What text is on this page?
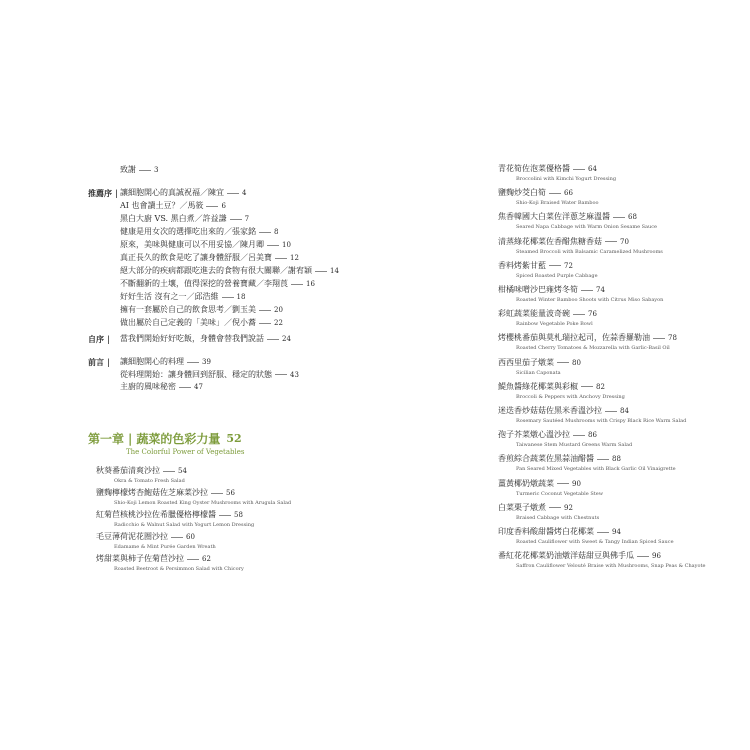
致謝	3
推薦序 | 讓細胞開心的真誠祝福／陳宜	4
AI 也會讀土豆？／馬筱	6
黑白大廚 VS. 黑白煮／許益謙	7
健康是用女次的選擇吃出來的／張家銘	8
原來，美味與健康可以不用妥協／陳月卿	10
真正長久的飲食是吃了讓身體舒服／呂美寶	12
絕大部分的疾病都跟吃進去的食物有很大關聯／謝宥穎	14
不斷翻新的土壤，值得深挖的營養寶藏／李翔莨	16
好好生活 沒有之一／邱浩維	18
擁有一套屬於自己的飲食思考／劉玉美	20
做出屬於自己定義的「美味」／倪小蕎	22
自序 | 當我們開始好好吃飯，身體會替我們說話	24
前言 | 讓細胞開心的料理	39
從料理開始：讓身體回到舒服、穩定的狀態	43
主廚的風味秘密	47
第一章 | 蔬菜的色彩力量 52
The Colorful Power of Vegetables
秋葵番茄清爽沙拉	54
Okra & Tomato Fresh Salad
鹽麴檸檬烤杏鮑菇佐芝麻菜沙拉	56
Shio-Koji Lemon Roasted King Oyster Mushrooms with Arugula Salad
紅菊苣核桃沙拉佐希臘優格檸檬醬	58
Radicchio & Walnut Salad with Yogurt Lemon Dressing
毛豆薄荷泥花圈沙拉	60
Edamame & Mint Purée Garden Wreath
烤甜菜與柿子佐菊苣沙拉	62
Roasted Beetroot & Persimmon Salad with Chicory
青花筍佐泡菜優格醬	64
Broccolini with Kimchi Yogurt Dressing
鹽麴炒茭白筍	66
Shio-Koji Braised Water Bamboo
焦香韓國大白菜佐洋蔥芝麻溫醬	68
Seared Napa Cabbage with Warm Onion Sesame Sauce
清蒸綠花椰菜佐香醋焦糖香菇	70
Steamed Broccoli with Balsamic Caramelized Mushrooms
香料烤紫甘藍	72
Spiced Roasted Purple Cabbage
柑橘味噌沙巴雍烤冬筍	74
Roasted Winter Bamboo Shoots with Citrus Miso Sabayon
彩虹蔬菜能量波奇碗	76
Rainbow Vegetable Poke Bowl
烤櫻桃番茄與莫札瑞拉起司，佐蒜香羅勒油	78
Roasted Cherry Tomatoes & Mozzarella with Garlic-Basil Oil
西西里茄子燉菜	80
Sicilian Caponata
鯷魚醬綠花椰菜與彩椒	82
Broccoli & Peppers with Anchovy Dressing
迷迭香炒菇菇佐黑米香溫沙拉	84
Rosemary Sautéed Mushrooms with Crispy Black Rice Warm Salad
孢子芥菜燉心溫沙拉	86
Taiwanese Stem Mustard Greens Warm Salad
香煎綜合蔬菜佐黑蒜油醋醬	88
Pan Seared Mixed Vegetables with Black Garlic Oil Vinaigrette
薑黃椰奶燉蔬菜	90
Turmeric Coconut Vegetable Stew
白菜栗子燉煮	92
Braised Cabbage with Chestnuts
印度香料酸甜醬烤白花椰菜	94
Roasted Cauliflower with Sweet & Tangy Indian Spiced Sauce
番紅花花椰菜奶油燉洋菇甜豆與佛手瓜	96
Saffron Cauliflower Velouté Braise with Mushrooms, Snap Peas & Chayote
